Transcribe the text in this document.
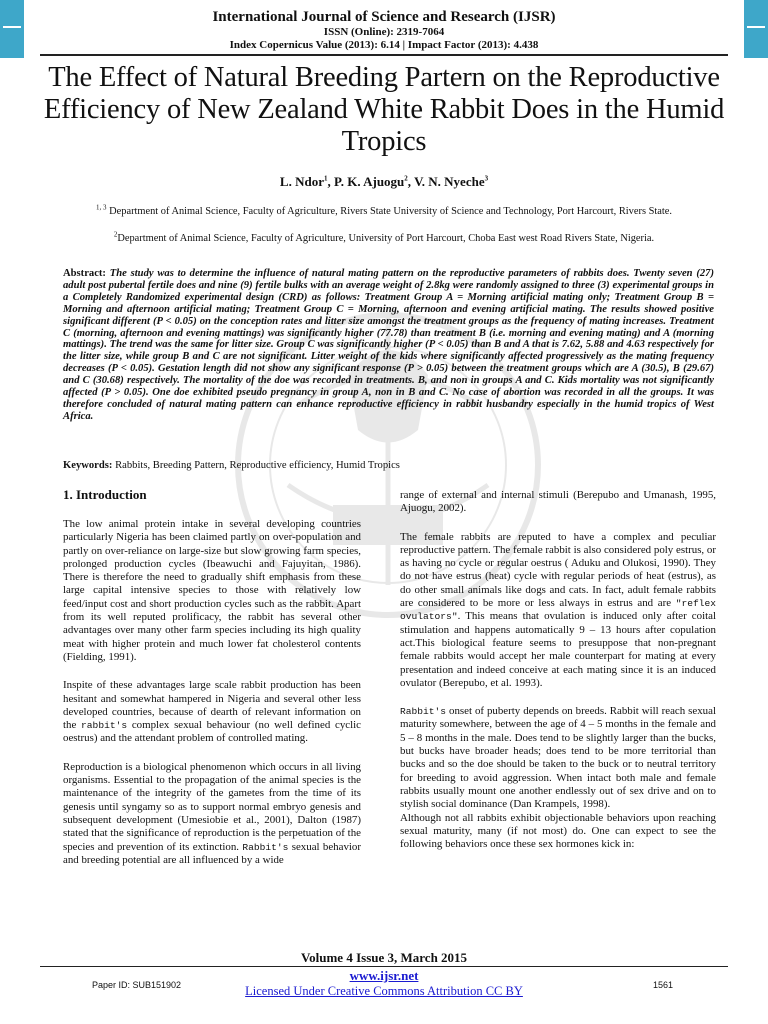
International Journal of Science and Research (IJSR)
ISSN (Online): 2319-7064
Index Copernicus Value (2013): 6.14 | Impact Factor (2013): 4.438
The Effect of Natural Breeding Partern on the Reproductive Efficiency of New Zealand White Rabbit Does in the Humid Tropics
L. Ndor$^1$, P. K. Ajuogu$^2$, V. N. Nyeche$^3$
$^{1, 3}$ Department of Animal Science, Faculty of Agriculture, Rivers State University of Science and Technology, Port Harcourt, Rivers State.
$^2$Department of Animal Science, Faculty of Agriculture, University of Port Harcourt, Choba East west Road Rivers State, Nigeria.
Abstract: The study was to determine the influence of natural mating pattern on the reproductive parameters of rabbits does. Twenty seven (27) adult post pubertal fertile does and nine (9) fertile bulks with an average weight of 2.8kg were randomly assigned to three (3) experimental groups in a Completely Randomized experimental design (CRD) as follows: Treatment Group A = Morning artificial mating only; Treatment Group B = Morning and afternoon artificial mating; Treatment Group C = Morning, afternoon and evening artificial mating. The results showed positive significant different (P < 0.05) on the conception rates and litter size amongst the treatment groups as the frequency of mating increases. Treatment C (morning, afternoon and evening mattings) was significantly higher (77.78) than treatment B (i.e. morning and evening mating) and A (morning mattings). The trend was the same for litter size. Group C was significantly higher (P < 0.05) than B and A that is 7.62, 5.88 and 4.63 respectively for the litter size, while group B and C are not significant. Litter weight of the kids where significantly affected progressively as the mating frequency decreases (P < 0.05). Gestation length did not show any significant response (P > 0.05) between the treatment groups which are A (30.5), B (29.67) and C (30.68) respectively. The mortality of the doe was recorded in treatments. B, and non in groups A and C. Kids mortality was not significantly affected (P > 0.05). One doe exhibited pseudo pregnancy in group A, non in B and C. No case of abortion was recorded in all the groups. It was therefore concluded of natural mating pattern can enhance reproductive efficiency in rabbit husbandry especially in the humid tropics of West Africa.
Keywords: Rabbits, Breeding Pattern, Reproductive efficiency, Humid Tropics
1. Introduction

The low animal protein intake in several developing countries particularly Nigeria has been claimed partly on over-population and partly on over-reliance on large-size but slow growing farm species, prolonged production cycles (Ibeawuchi and Fajuyitan, 1986). There is therefore the need to gradually shift emphasis from these large capital intensive species to those with relatively low feed/input cost and short production cycles such as the rabbit. Apart from its well reputed prolificacy, the rabbit has several other advantages over many other farm species including its high quality meat with higher protein and much lower fat cholesterol contents (Fielding, 1991).

Inspite of these advantages large scale rabbit production has been hesitant and somewhat hampered in Nigeria and several other less developed countries, because of dearth of relevant information on the rabbit's complex sexual behaviour (no well defined cyclic oestrus) and the attendant problem of controlled mating.

Reproduction is a biological phenomenon which occurs in all living organisms. Essential to the propagation of the animal species is the maintenance of the integrity of the gametes from the time of its genesis until syngamy so as to support normal embryo genesis and subsequent development (Umesiobie et al., 2001), Dalton (1987) stated that the significance of reproduction is the perpetuation of the species and prevention of its extinction. Rabbit's sexual behavior and breeding potential are all influenced by a wide

range of external and internal stimuli (Berepubo and Umanash, 1995, Ajuogu, 2002).

The female rabbits are reputed to have a complex and peculiar reproductive pattern. The female rabbit is also considered poly estrus, or as having no cycle or regular oestrus ( Aduku and Olukosi, 1990). They do not have estrus (heat) cycle with regular periods of heat (estrus), as do other small animals like dogs and cats. In fact, adult female rabbits are considered to be more or less always in estrus and are "reflex ovulators". This means that ovulation is induced only after coital stimulation and happens automatically 9 – 13 hours after copulation act.This biological feature seems to presuppose that non-pregnant female rabbits would accept her male counterpart for mating at every presentation and indeed conceive at each mating since it is an induced ovulator (Berepubo, et al. 1993).

Rabbit's onset of puberty depends on breeds. Rabbit will reach sexual maturity somewhere, between the age of 4 – 5 months in the female and 5 – 8 months in the male. Does tend to be slightly larger than the bucks, but bucks have broader heads; does tend to be more territorial than bucks and so the doe should be taken to the buck or to neutral territory for breeding to avoid aggression. When intact both male and female rabbits usually mount one another endlessly out of sex drive and on to stylish social dominance (Dan Krampels, 1998).

Although not all rabbits exhibit objectionable behaviors upon reaching sexual maturity, many (if not most) do. One can expect to see the following behaviors once these sex hormones kick in:

Volume 4 Issue 3, March 2015
www.ijsr.net
Licensed Under Creative Commons Attribution CC BY
Paper ID: SUB151902	1561
